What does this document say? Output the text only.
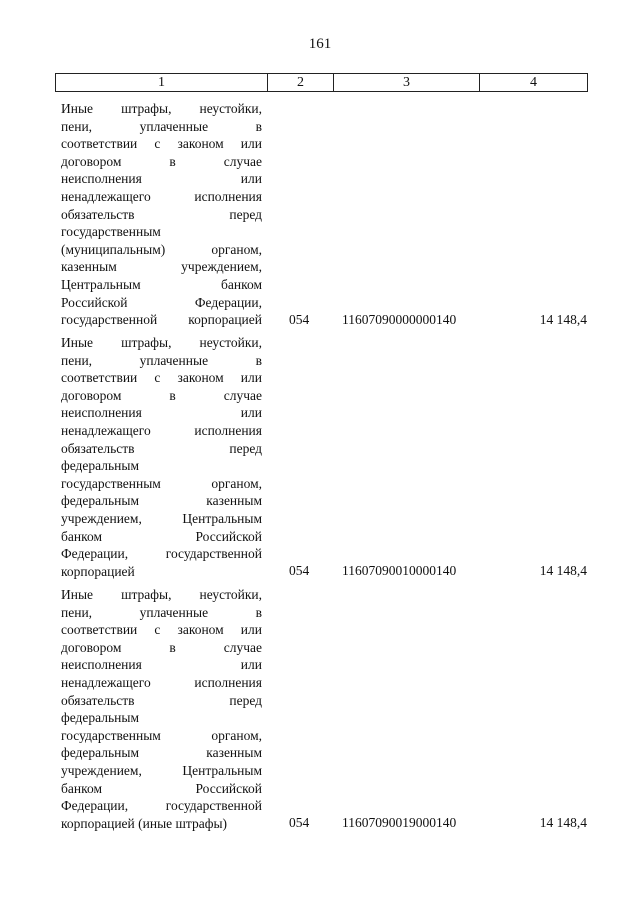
161
1	2	3	4
Иные штрафы, неустойки,
пени, уплаченные в
соответствии с законом или
договором в случае
неисполнения или
ненадлежащего исполнения
обязательств перед
государственным
(муниципальным) органом,
казенным учреждением,
Центральным банком
Российской Федерации,
государственной корпорацией 054	11607090000000140	14 148,4
Иные штрафы, неустойки,
пени, уплаченные в
соответствии с законом или
договором в случае
неисполнения или
ненадлежащего исполнения
обязательств перед
федеральным
государственным органом,
федеральным казенным
учреждением, Центральным
банком Российской
Федерации, государственной
корпорацией	054	11607090010000140	14 148,4
Иные штрафы, неустойки,
пени, уплаченные в
соответствии с законом или
договором в случае
неисполнения или
ненадлежащего исполнения
обязательств перед
федеральным
государственным органом,
федеральным казенным
учреждением, Центральным
банком Российской
Федерации, государственной
корпорацией (иные штрафы)	054	11607090019000140	14 148,4
